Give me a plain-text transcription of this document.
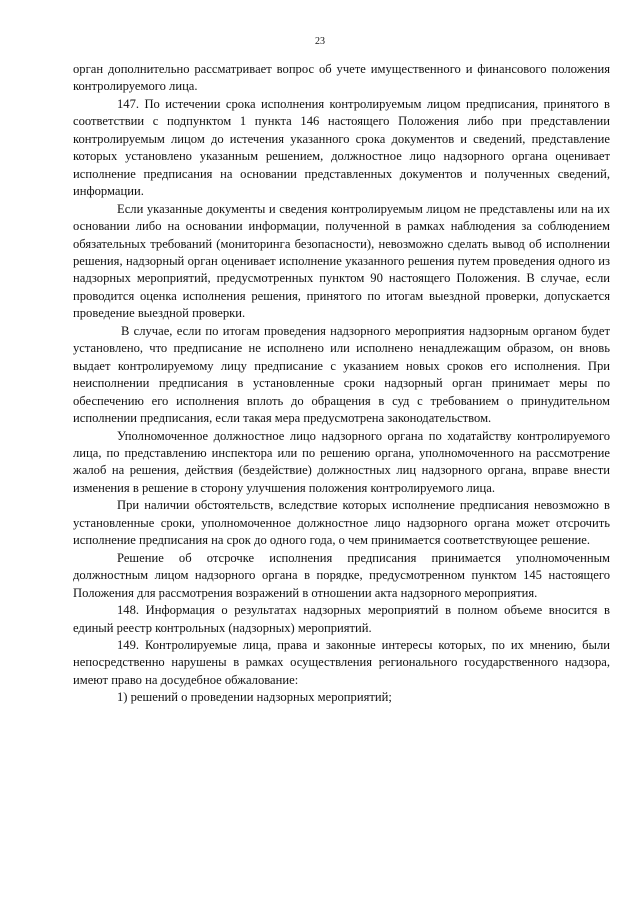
23

орган дополнительно рассматривает вопрос об учете имущественного и финансового положения контролируемого лица.

147. По истечении срока исполнения контролируемым лицом предписания, принятого в соответствии с подпунктом 1 пункта 146 настоящего Положения либо при представлении контролируемым лицом до истечения указанного срока документов и сведений, представление которых установлено указанным решением, должностное лицо надзорного органа оценивает исполнение предписания на основании представленных документов и полученных сведений, информации.

Если указанные документы и сведения контролируемым лицом не представлены или на их основании либо на основании информации, полученной в рамках наблюдения за соблюдением обязательных требований (мониторинга безопасности), невозможно сделать вывод об исполнении решения, надзорный орган оценивает исполнение указанного решения путем проведения одного из надзорных мероприятий, предусмотренных пунктом 90 настоящего Положения. В случае, если проводится оценка исполнения решения, принятого по итогам выездной проверки, допускается проведение выездной проверки.

В случае, если по итогам проведения надзорного мероприятия надзорным органом будет установлено, что предписание не исполнено или исполнено ненадлежащим образом, он вновь выдает контролируемому лицу предписание с указанием новых сроков его исполнения. При неисполнении предписания в установленные сроки надзорный орган принимает меры по обеспечению его исполнения вплоть до обращения в суд с требованием о принудительном исполнении предписания, если такая мера предусмотрена законодательством.

Уполномоченное должностное лицо надзорного органа по ходатайству контролируемого лица, по представлению инспектора или по решению органа, уполномоченного на рассмотрение жалоб на решения, действия (бездействие) должностных лиц надзорного органа, вправе внести изменения в решение в сторону улучшения положения контролируемого лица.

При наличии обстоятельств, вследствие которых исполнение предписания невозможно в установленные сроки, уполномоченное должностное лицо надзорного органа может отсрочить исполнение предписания на срок до одного года, о чем принимается соответствующее решение.

Решение об отсрочке исполнения предписания принимается уполномоченным должностным лицом надзорного органа в порядке, предусмотренном пунктом 145 настоящего Положения для рассмотрения возражений в отношении акта надзорного мероприятия.

148. Информация о результатах надзорных мероприятий в полном объеме вносится в единый реестр контрольных (надзорных) мероприятий.

149. Контролируемые лица, права и законные интересы которых, по их мнению, были непосредственно нарушены в рамках осуществления регионального государственного надзора, имеют право на досудебное обжалование:

1) решений о проведении надзорных мероприятий;
